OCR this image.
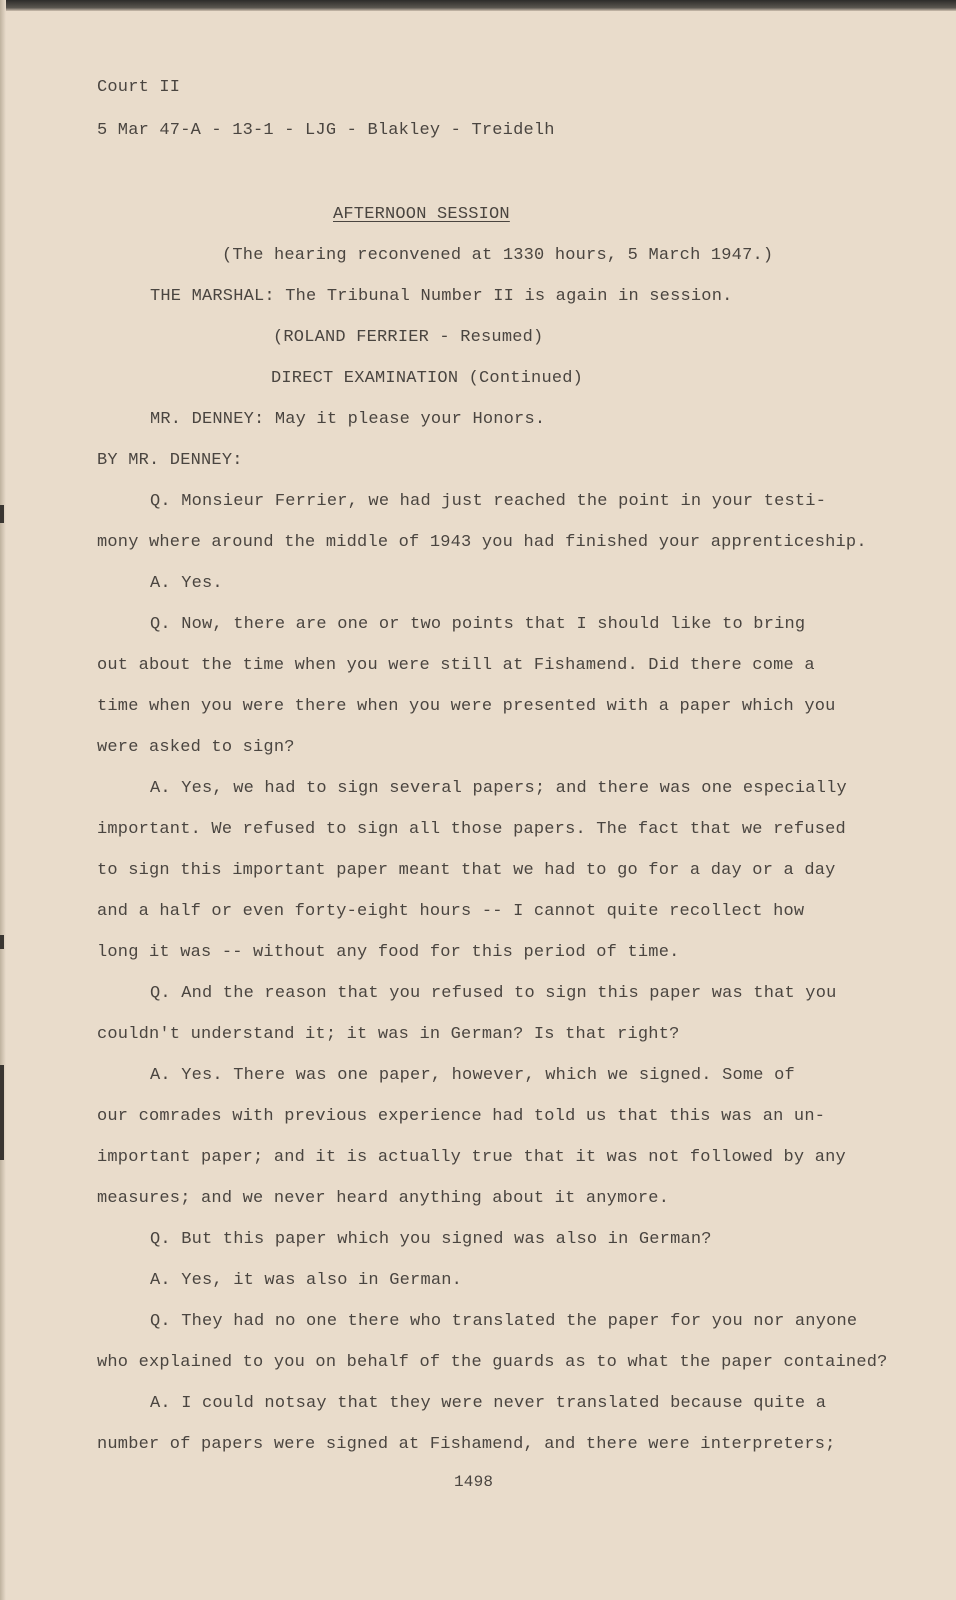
Court II

5 Mar 47-A - 13-1 - LJG - Blakley - Treidelh

AFTERNOON SESSION

(The hearing reconvened at 1330 hours, 5 March 1947.)

THE MARSHAL: The Tribunal Number II is again in session.

(ROLAND FERRIER - Resumed)

DIRECT EXAMINATION (Continued)

MR. DENNEY: May it please your Honors.

BY MR. DENNEY:

Q. Monsieur Ferrier, we had just reached the point in your testi-

mony where around the middle of 1943 you had finished your apprenticeship.

A. Yes.

Q. Now, there are one or two points that I should like to bring

out about the time when you were still at Fishamend. Did there come a

time when you were there when you were presented with a paper which you

were asked to sign?

A. Yes, we had to sign several papers; and there was one especially

important. We refused to sign all those papers. The fact that we refused

to sign this important paper meant that we had to go for a day or a day

and a half or even forty-eight hours -- I cannot quite recollect how

long it was -- without any food for this period of time.

Q. And the reason that you refused to sign this paper was that you

couldn't understand it; it was in German? Is that right?

A. Yes. There was one paper, however, which we signed. Some of

our comrades with previous experience had told us that this was an un-

important paper; and it is actually true that it was not followed by any

measures; and we never heard anything about it anymore.

Q. But this paper which you signed was also in German?

A. Yes, it was also in German.

Q. They had no one there who translated the paper for you nor anyone

who explained to you on behalf of the guards as to what the paper contained?

A. I could notsay that they were never translated because quite a

number of papers were signed at Fishamend, and there were interpreters;

1498
